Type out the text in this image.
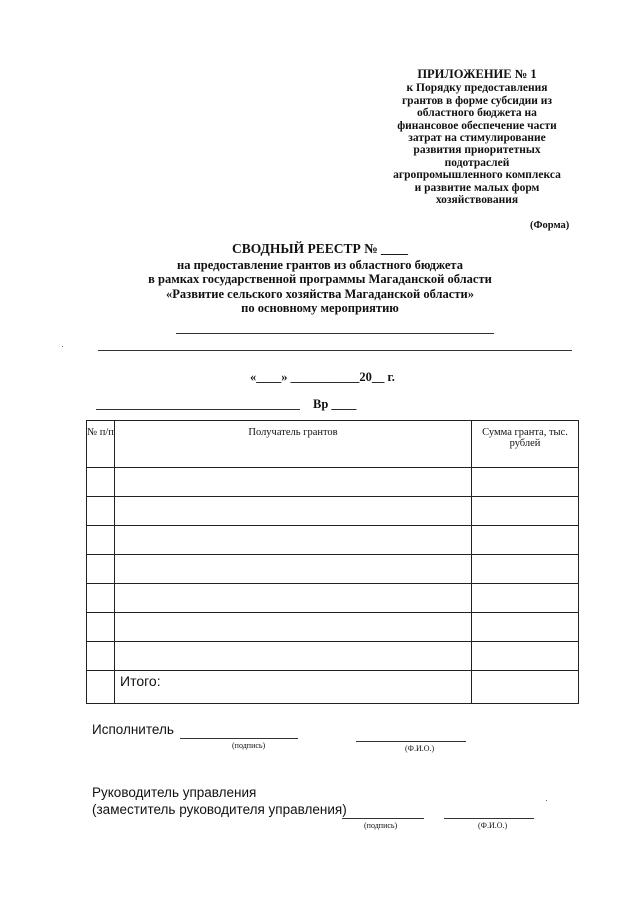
ПРИЛОЖЕНИЕ № 1
к Порядку предоставления
грантов в форме субсидии из
областного бюджета на
финансовое обеспечение части
затрат на стимулирование
развития приоритетных
подотраслей
агропромышленного комплекса
и развитие малых форм
хозяйствования
(Форма)
СВОДНЫЙ РЕЕСТР № ____
на предоставление грантов из областного бюджета
в рамках государственной программы Магаданской области
«Развитие сельского хозяйства Магаданской области»
по основному мероприятию
«____» ___________20__ г.
Вр ____
№ п/п	Получатель грантов	Сумма гранта, тыс. рублей

	Итого:	
Исполнитель
(подпись)	(Ф.И.О.)
Руководитель управления
(заместитель руководителя управления)
(подпись)	(Ф.И.О.)
